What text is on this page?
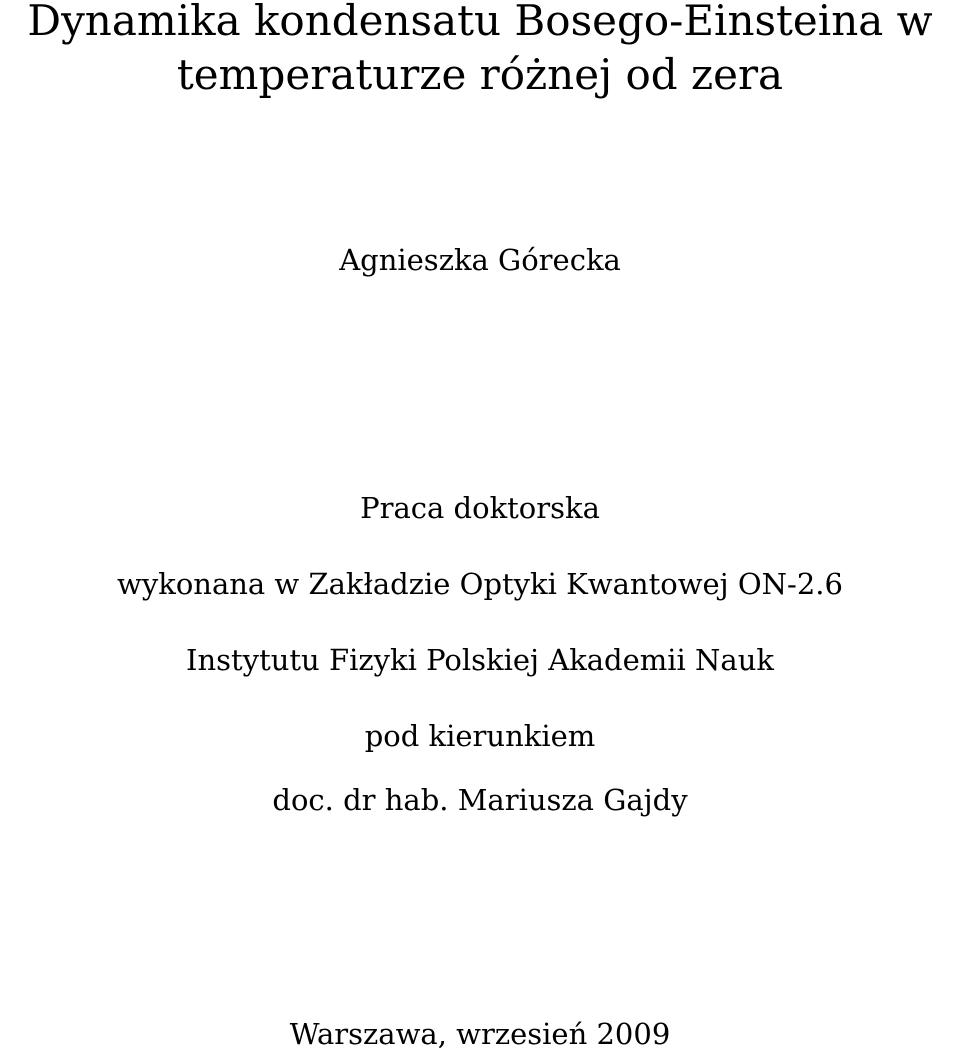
Dynamika kondensatu Bosego-Einsteina w
temperaturze różnej od zera
Agnieszka Górecka
Praca doktorska
wykonana w Zakładzie Optyki Kwantowej ON-2.6
Instytutu Fizyki Polskiej Akademii Nauk
pod kierunkiem
doc. dr hab. Mariusza Gajdy
Warszawa, wrzesień 2009
